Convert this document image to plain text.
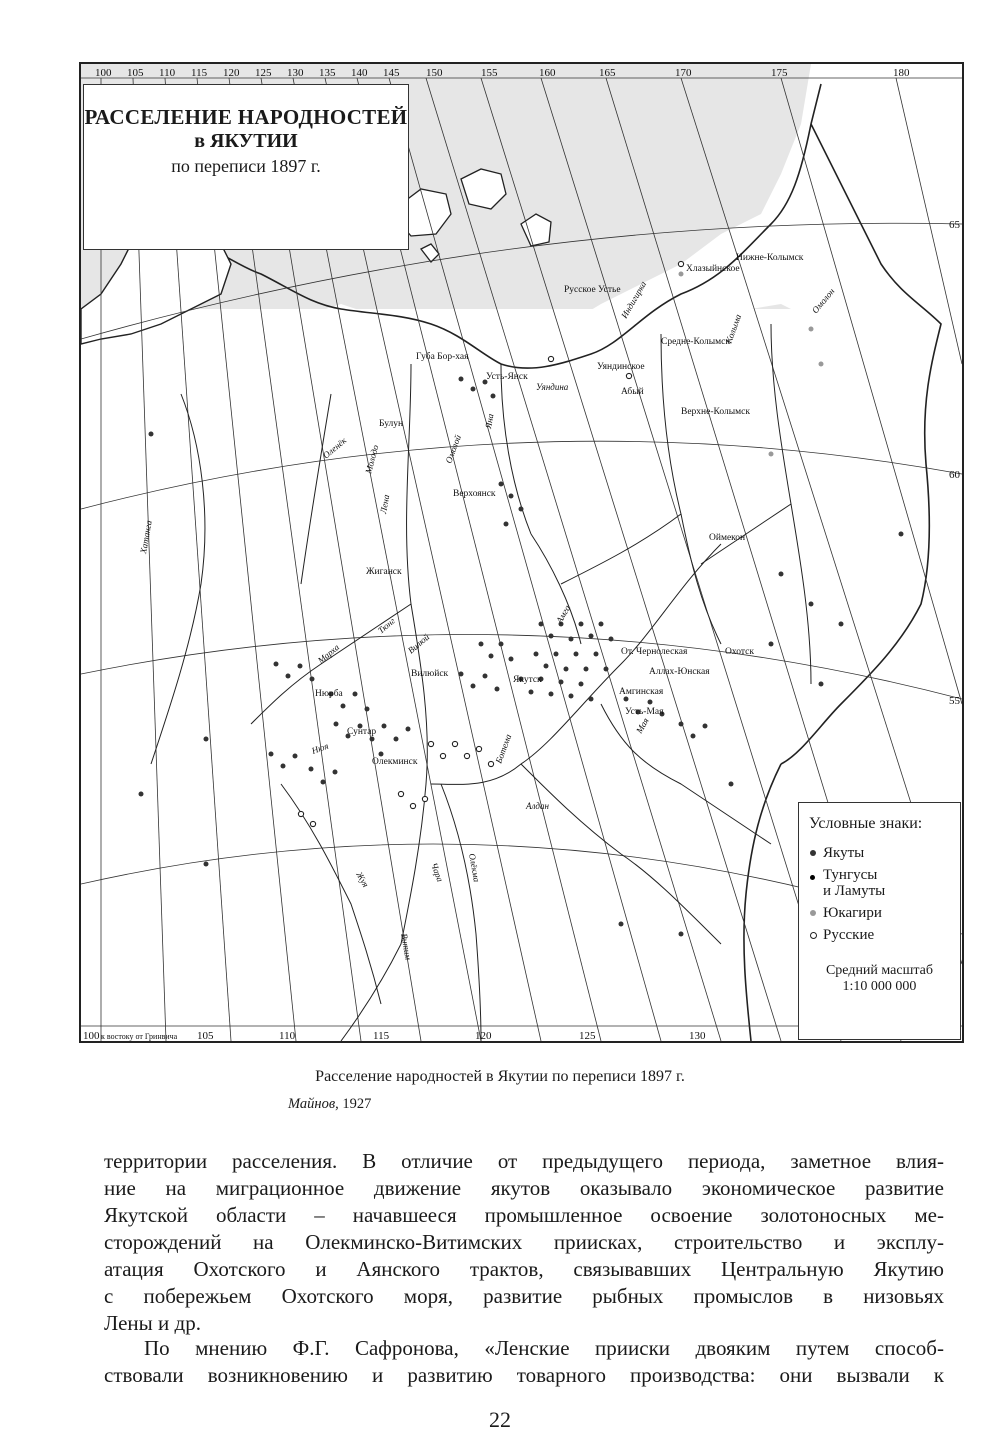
Нижне-Колымск
Хлазыйнское
Русское Устье
Средне-Колымск
Усть-Янск
Уяндинское
Абый
Верхне-Колымск
Булун
Верхоянск
Жиганск
Оймекон
Вилюйск
Якутск
Нюрба
От. Чернолеская
Аллах-Юнская
Амгинская
Усть-Мая
Охотск
Сунтар
Олекминск
Губа Бор-хая
Колыма
Омолон
Индигирка
Уяндина
Яна
Омолой
Оленёк Молодо
Лена
Хатанга
Тюнг
Вилюй
Марха
Алдан
Амга
Мая
Ботема
Нюя
Чара Олёкма
Жуя
Витим
100 105 110 115 120 125 130 135 140 145 150	155	160	165	170	175	180
100 к востоку от Гринвича 105	110	115	120	125	130
65
60
55
РАССЕЛЕНИЕ НАРОДНОСТЕЙ
в ЯКУТИИ
по переписи 1897 г.
Условные знаки:
Якуты
Тунгусы
и Ламуты
Юкагири
Русские
Средний масштаб
1:10 000 000
Расселение народностей в Якутии по переписи 1897 г.
Майнов, 1927
территории расселения. В отличие от предыдущего периода, заметное влия-
ние на миграционное движение якутов оказывало экономическое развитие
Якутской области – начавшееся промышленное освоение золотоносных ме-
сторождений на Олекминско-Витимских приисках, строительство и эксплу-
атация Охотского и Аянского трактов, связывавших Центральную Якутию
с побережьем Охотского моря, развитие рыбных промыслов в низовьях
Лены и др.
По мнению Ф.Г. Сафронова, «Ленские прииски двояким путем способ-
ствовали возникновению и развитию товарного производства: они вызвали к
22
